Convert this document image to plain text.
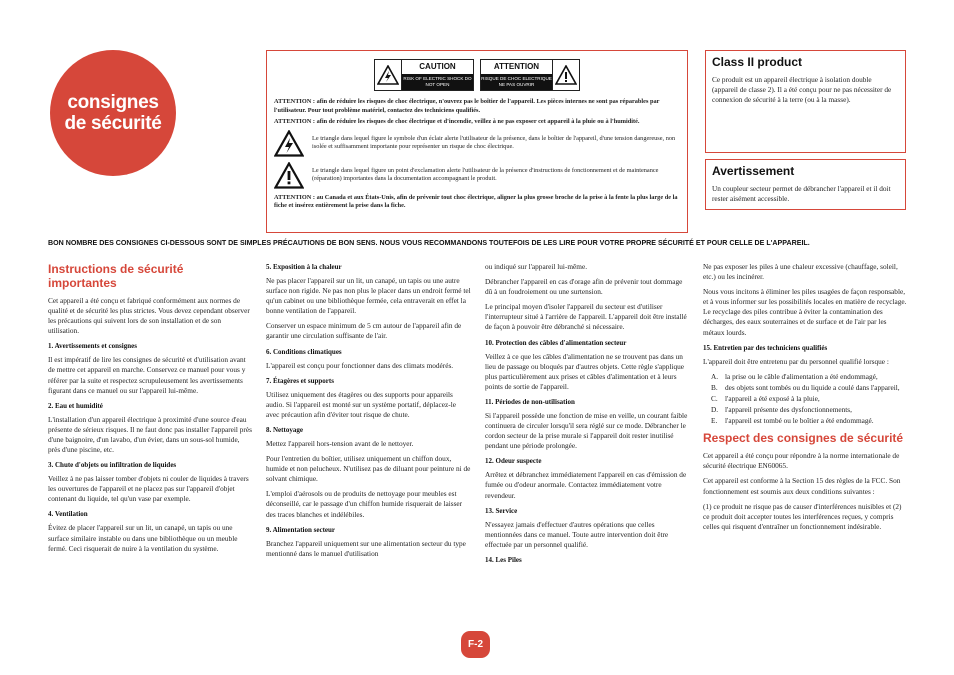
consignes de sécurité
CAUTION
RISK OF ELECTRIC SHOCK DO NOT OPEN
ATTENTION
RISQUE DE CHOC ELECTRIQUE NE PAS OUVRIR

ATTENTION : afin de réduire les risques de choc électrique, n'ouvrez pas le boîtier de l'appareil. Les pièces internes ne sont pas réparables par l'utilisateur. Pour tout problème matériel, contactez des techniciens qualifiés.

ATTENTION : afin de réduire les risques de choc électrique et d'incendie, veillez à ne pas exposer cet appareil à la pluie ou à l'humidité.

Le triangle dans lequel figure le symbole d'un éclair alerte l'utilisateur de la présence, dans le boîtier de l'appareil, d'une tension dangereuse, non isolée et suffisamment importante pour représenter un risque de choc électrique.
Le triangle dans lequel figure un point d'exclamation alerte l'utilisateur de la présence d'instructions de fonctionnement et de maintenance (réparation) importantes dans la documentation accompagnant le produit.

ATTENTION : au Canada et aux États-Unis, afin de prévenir tout choc électrique, aligner la plus grosse broche de la prise à la fente la plus large de la fiche et insérez entièrement la prise dans la fiche.

Class II product
Ce produit est un appareil électrique à isolation double (appareil de classe 2). Il a été conçu pour ne pas nécessiter de connexion de sécurité à la terre (ou à la masse).
Avertissement
Un coupleur secteur permet de débrancher l'appareil et il doit rester aisément accessible.
BON NOMBRE DES CONSIGNES CI-DESSOUS SONT DE SIMPLES PRÉCAUTIONS DE BON SENS. NOUS VOUS RECOMMANDONS TOUTEFOIS DE LES LIRE POUR VOTRE PROPRE SÉCURITÉ ET POUR CELLE DE L'APPAREIL.
Instructions de sécurité importantes

Cet appareil a été conçu et fabriqué conformément aux normes de qualité et de sécurité les plus strictes. Vous devez cependant observer les précautions qui suivent lors de son installation et de son utilisation.

1. Avertissements et consignes

Il est impératif de lire les consignes de sécurité et d'utilisation avant de mettre cet appareil en marche. Conservez ce manuel pour vous y référer par la suite et respectez scrupuleusement les avertissements figurant dans ce manuel ou sur l'appareil lui-même.

2. Eau et humidité

L'installation d'un appareil électrique à proximité d'une source d'eau présente de sérieux risques. Il ne faut donc pas installer l'appareil près d'une baignoire, d'un lavabo, d'un évier, dans un sous-sol humide, près d'une piscine, etc.

3. Chute d'objets ou infiltration de liquides

Veillez à ne pas laisser tomber d'objets ni couler de liquides à travers les ouvertures de l'appareil et ne placez pas sur l'appareil d'objet contenant du liquide, tel qu'un vase par exemple.

4. Ventilation

Évitez de placer l'appareil sur un lit, un canapé, un tapis ou une surface similaire instable ou dans une bibliothèque ou un meuble fermé. Ceci risquerait de nuire à la ventilation du système.

5. Exposition à la chaleur

Ne pas placer l'appareil sur un lit, un canapé, un tapis ou une autre surface non rigide. Ne pas non plus le placer dans un endroit fermé tel qu'un cabinet ou une bibliothèque fermée, cela entraverait en effet la bonne ventilation de l'appareil.

Conserver un espace minimum de 5 cm autour de l'appareil afin de garantir une circulation suffisante de l'air.

6. Conditions climatiques

L'appareil est conçu pour fonctionner dans des climats modérés.

7. Étagères et supports

Utilisez uniquement des étagères ou des supports pour appareils audio. Si l'appareil est monté sur un système portatif, déplacez-le avec précaution afin d'éviter tout risque de chute.

8. Nettoyage

Mettez l'appareil hors-tension avant de le nettoyer.

Pour l'entretien du boîtier, utilisez uniquement un chiffon doux, humide et non pelucheux. N'utilisez pas de diluant pour peinture ni de solvant chimique.

L'emploi d'aérosols ou de produits de nettoyage pour meubles est déconseillé, car le passage d'un chiffon humide risquerait de laisser des traces blanches et indélébiles.

9. Alimentation secteur

Branchez l'appareil uniquement sur une alimentation secteur du type mentionné dans le manuel d'utilisation

ou indiqué sur l'appareil lui-même.

Débrancher l'appareil en cas d'orage afin de prévenir tout dommage dû à un foudroiement ou une surtension.

Le principal moyen d'isoler l'appareil du secteur est d'utiliser l'interrupteur situé à l'arrière de l'appareil. L'appareil doit être installé de façon à pouvoir être débranché si nécessaire.

10. Protection des câbles d'alimentation secteur

Veillez à ce que les câbles d'alimentation ne se trouvent pas dans un lieu de passage ou bloqués par d'autres objets. Cette règle s'applique plus particulièrement aux prises et câbles d'alimentation et à leurs points de sortie de l'appareil.

11. Périodes de non-utilisation

Si l'appareil possède une fonction de mise en veille, un courant faible continuera de circuler lorsqu'il sera réglé sur ce mode. Débrancher le cordon secteur de la prise murale si l'appareil doit rester inutilisé pendant une période prolongée.

12. Odeur suspecte

Arrêtez et débranchez immédiatement l'appareil en cas d'émission de fumée ou d'odeur anormale. Contactez immédiatement votre revendeur.

13. Service

N'essayez jamais d'effectuer d'autres opérations que celles mentionnées dans ce manuel. Toute autre intervention doit être effectuée par un personnel qualifié.

14. Les Piles

Ne pas exposer les piles à une chaleur excessive (chauffage, soleil, etc.) ou les incinérer.

Nous vous incitons à éliminer les piles usagées de façon responsable, et à vous informer sur les possibilités locales en matière de recyclage. Le recyclage des piles contribue à éviter la contamination des décharges, des eaux souterraines et de surface et de l'air par les métaux lourds.

15. Entretien par des techniciens qualifiés

L'appareil doit être entretenu par du personnel qualifié lorsque :

A. la prise ou le câble d'alimentation a été endommagé,
B. des objets sont tombés ou du liquide a coulé dans l'appareil,
C. l'appareil a été exposé à la pluie,
D. l'appareil présente des dysfonctionnements,
E.	l'appareil est tombé ou le boîtier a été endommagé.
Respect des consignes de sécurité

Cet appareil a été conçu pour répondre à la norme internationale de sécurité électrique EN60065.

Cet appareil est conforme à la Section 15 des règles de la FCC. Son fonctionnement est soumis aux deux conditions suivantes :

(1) ce produit ne risque pas de causer d'interférences nuisibles et (2) ce produit doit accepter toutes les interférences reçues, y compris celles qui risquent d'entraîner un fonctionnement indésirable.

F-2
